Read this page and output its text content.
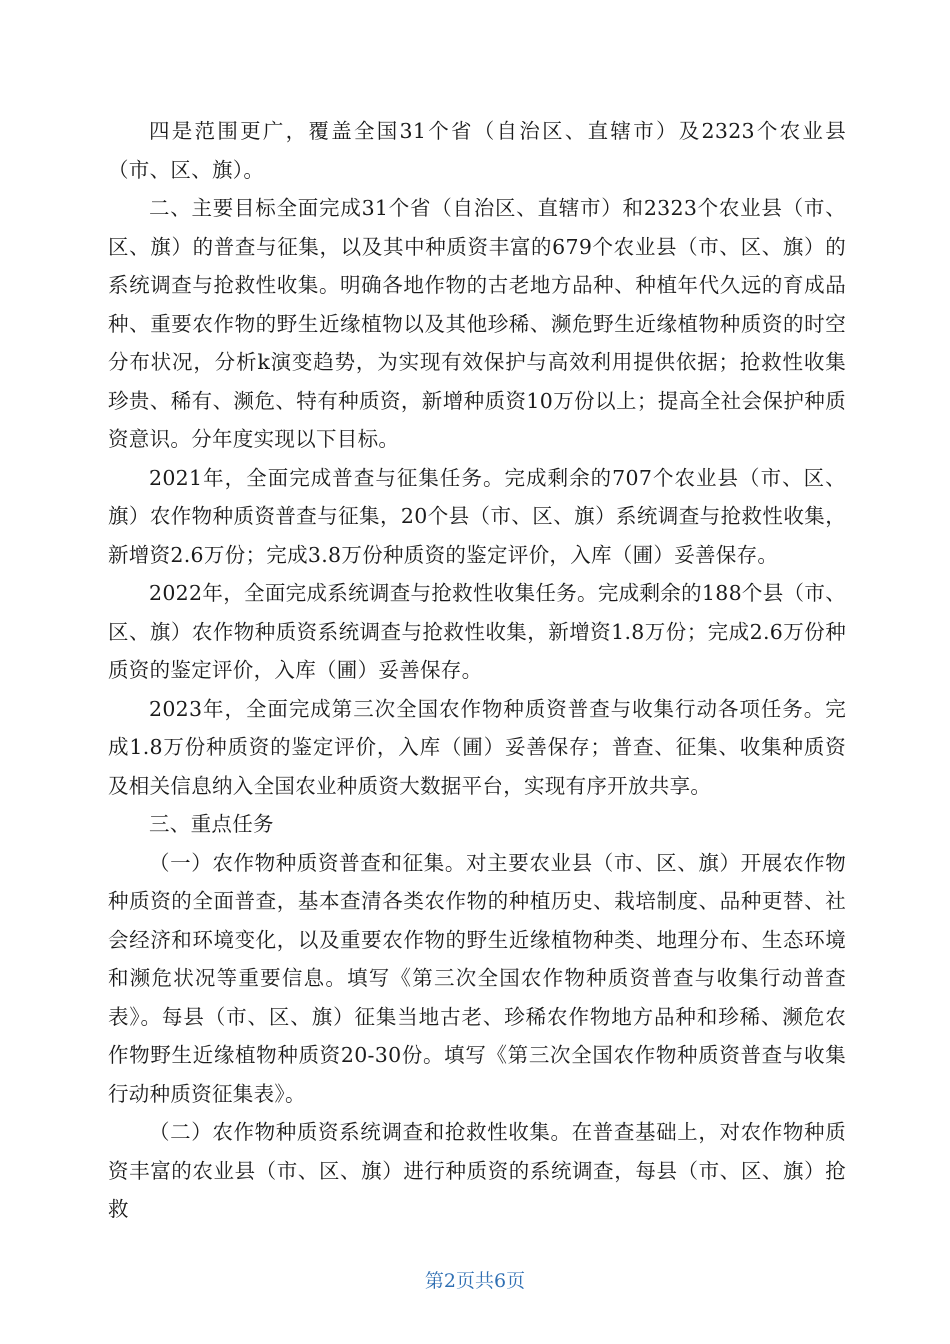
四是范围更广，覆盖全国31个省（自治区、直辖市）及2323个农业县（市、区、旗）。

二、主要目标全面完成31个省（自治区、直辖市）和2323个农业县（市、区、旗）的普查与征集，以及其中种质资丰富的679个农业县（市、区、旗）的系统调查与抢救性收集。明确各地作物的古老地方品种、种植年代久远的育成品种、重要农作物的野生近缘植物以及其他珍稀、濒危野生近缘植物种质资的时空分布状况，分析k演变趋势，为实现有效保护与高效利用提供依据；抢救性收集珍贵、稀有、濒危、特有种质资，新增种质资10万份以上；提高全社会保护种质资意识。分年度实现以下目标。

2021年，全面完成普查与征集任务。完成剩余的707个农业县（市、区、旗）农作物种质资普查与征集，20个县（市、区、旗）系统调查与抢救性收集，新增资2.6万份；完成3.8万份种质资的鉴定评价，入库（圃）妥善保存。

2022年，全面完成系统调查与抢救性收集任务。完成剩余的188个县（市、区、旗）农作物种质资系统调查与抢救性收集，新增资1.8万份；完成2.6万份种质资的鉴定评价，入库（圃）妥善保存。

2023年，全面完成第三次全国农作物种质资普查与收集行动各项任务。完成1.8万份种质资的鉴定评价，入库（圃）妥善保存；普查、征集、收集种质资及相关信息纳入全国农业种质资大数据平台，实现有序开放共享。

三、重点任务

（一）农作物种质资普查和征集。对主要农业县（市、区、旗）开展农作物种质资的全面普查，基本查清各类农作物的种植历史、栽培制度、品种更替、社会经济和环境变化，以及重要农作物的野生近缘植物种类、地理分布、生态环境和濒危状况等重要信息。填写《第三次全国农作物种质资普查与收集行动普查表》。每县（市、区、旗）征集当地古老、珍稀农作物地方品种和珍稀、濒危农作物野生近缘植物种质资20-30份。填写《第三次全国农作物种质资普查与收集行动种质资征集表》。

（二）农作物种质资系统调查和抢救性收集。在普查基础上，对农作物种质资丰富的农业县（市、区、旗）进行种质资的系统调查，每县（市、区、旗）抢救

第2页共6页
